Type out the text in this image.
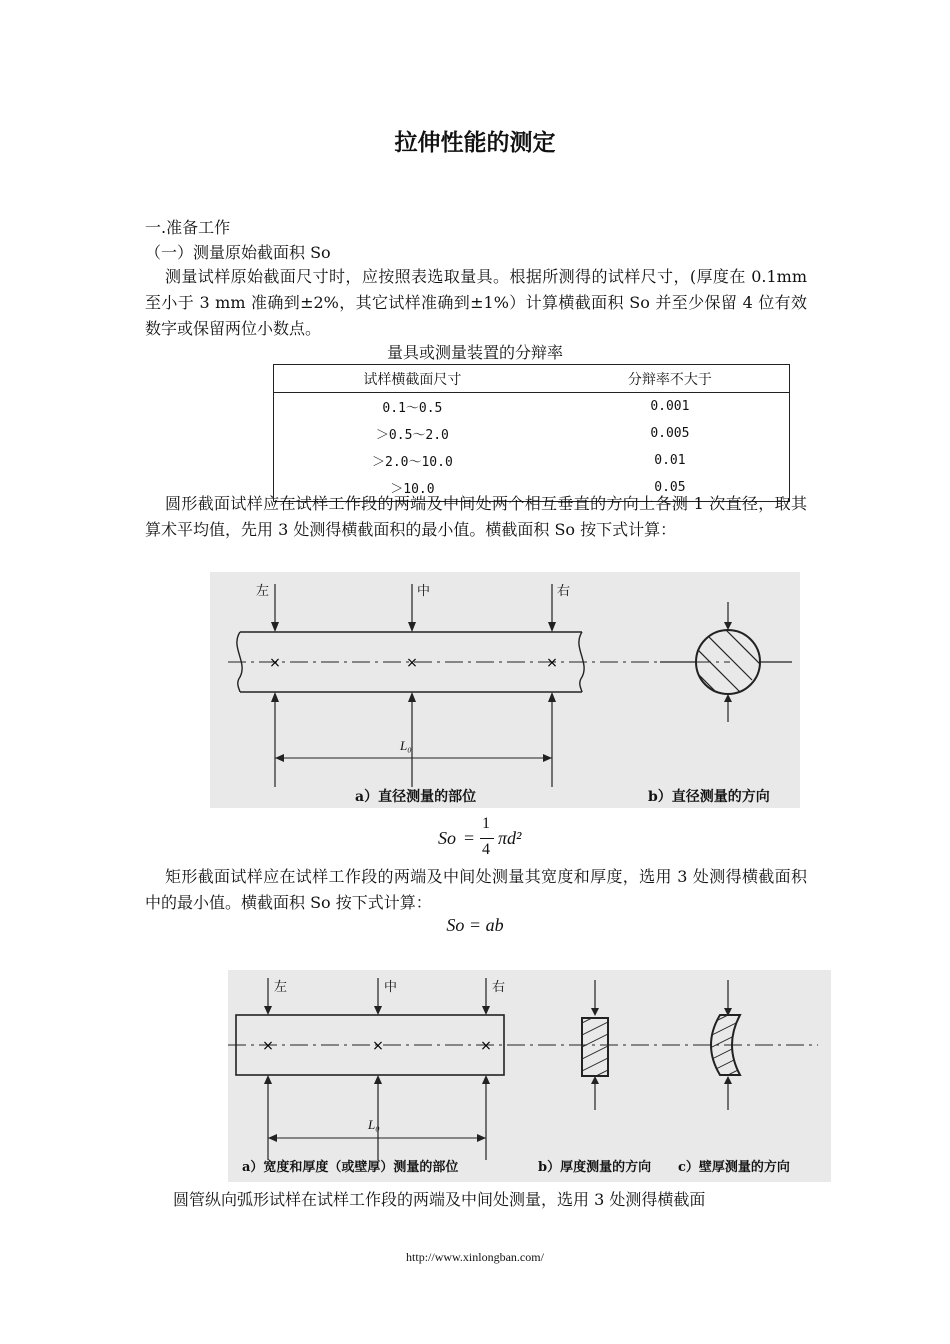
拉伸性能的测定
一.准备工作
（一）测量原始截面积 So
测量试样原始截面尺寸时，应按照表选取量具。根据所测得的试样尺寸，(厚度在 0.1mm 至小于 3 mm 准确到±2%，其它试样准确到±1%）计算横截面积 So 并至少保留 4 位有效数字或保留两位小数点。
量具或测量装置的分辩率
试样横截面尺寸	分辩率不大于
0.1～0.5	0.001
＞0.5～2.0	0.005
＞2.0～10.0	0.01
＞10.0	0.05
圆形截面试样应在试样工作段的两端及中间处两个相互垂直的方向上各测 1 次直径，取其算术平均值，先用 3 处测得横截面积的最小值。横截面积 So 按下式计算：
×	×	×
左	中	右
L₀
a）直径测量的部位	b）直径测量的方向
So =
1
4
πd²
矩形截面试样应在试样工作段的两端及中间处测量其宽度和厚度，选用 3 处测得横截面积中的最小值。横截面积 So 按下式计算：
So = ab
×	×	×
左	中	右
L₀
a）宽度和厚度（或壁厚）测量的部位	b）厚度测量的方向 c）壁厚测量的方向
圆管纵向弧形试样在试样工作段的两端及中间处测量，选用 3 处测得横截面
http://www.xinlongban.com/
